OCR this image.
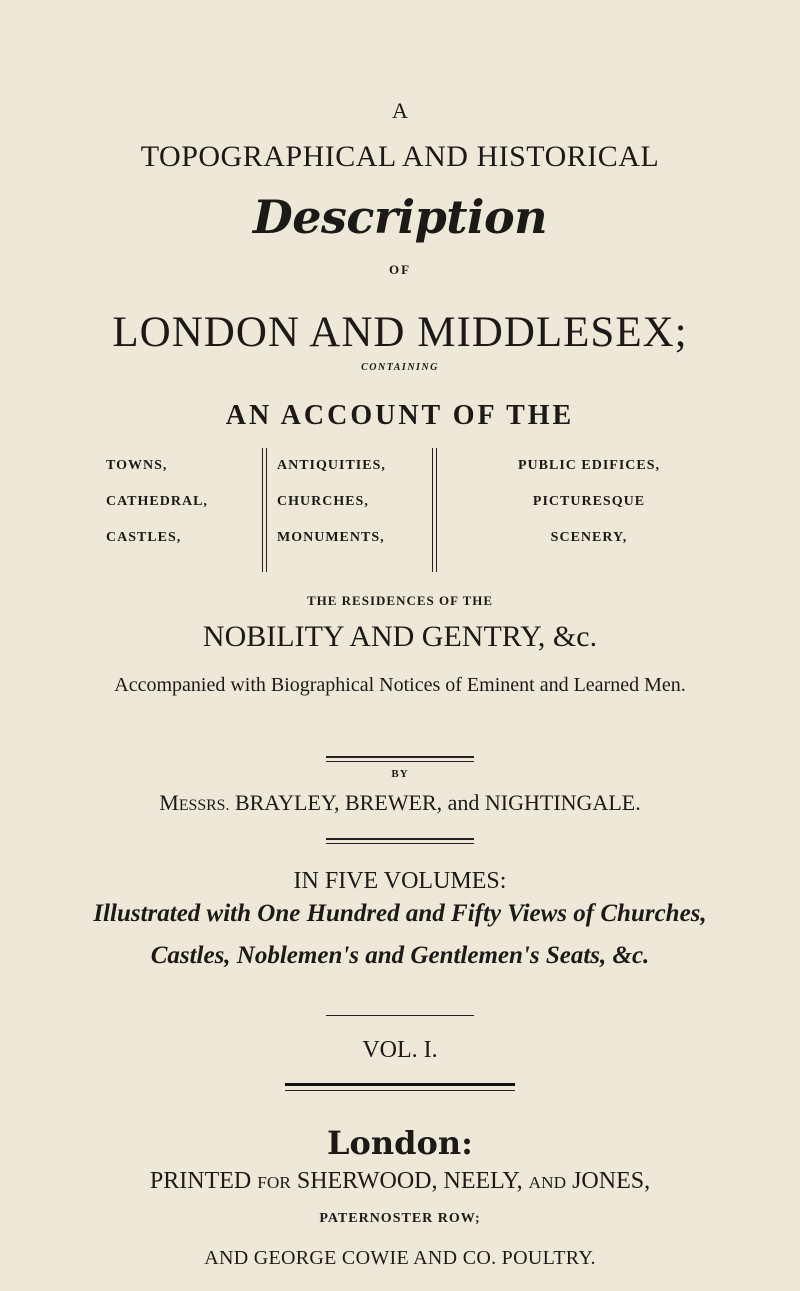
A
TOPOGRAPHICAL AND HISTORICAL
Description
OF
LONDON AND MIDDLESEX;
CONTAINING
AN ACCOUNT OF THE
TOWNS,
CATHEDRAL,
CASTLES,
ANTIQUITIES,
CHURCHES,
MONUMENTS,
PUBLIC EDIFICES,
PICTURESQUE
SCENERY,
THE RESIDENCES OF THE
NOBILITY AND GENTRY, &c.
Accompanied with Biographical Notices of Eminent and Learned Men.
BY
MESSRS. BRAYLEY, BREWER, and NIGHTINGALE.
IN FIVE VOLUMES:
Illustrated with One Hundred and Fifty Views of Churches,
Castles, Noblemen's and Gentlemen's Seats, &c.
VOL. I.
London:
PRINTED FOR SHERWOOD, NEELY, AND JONES,
PATERNOSTER ROW;
AND GEORGE COWIE AND CO. POULTRY.
